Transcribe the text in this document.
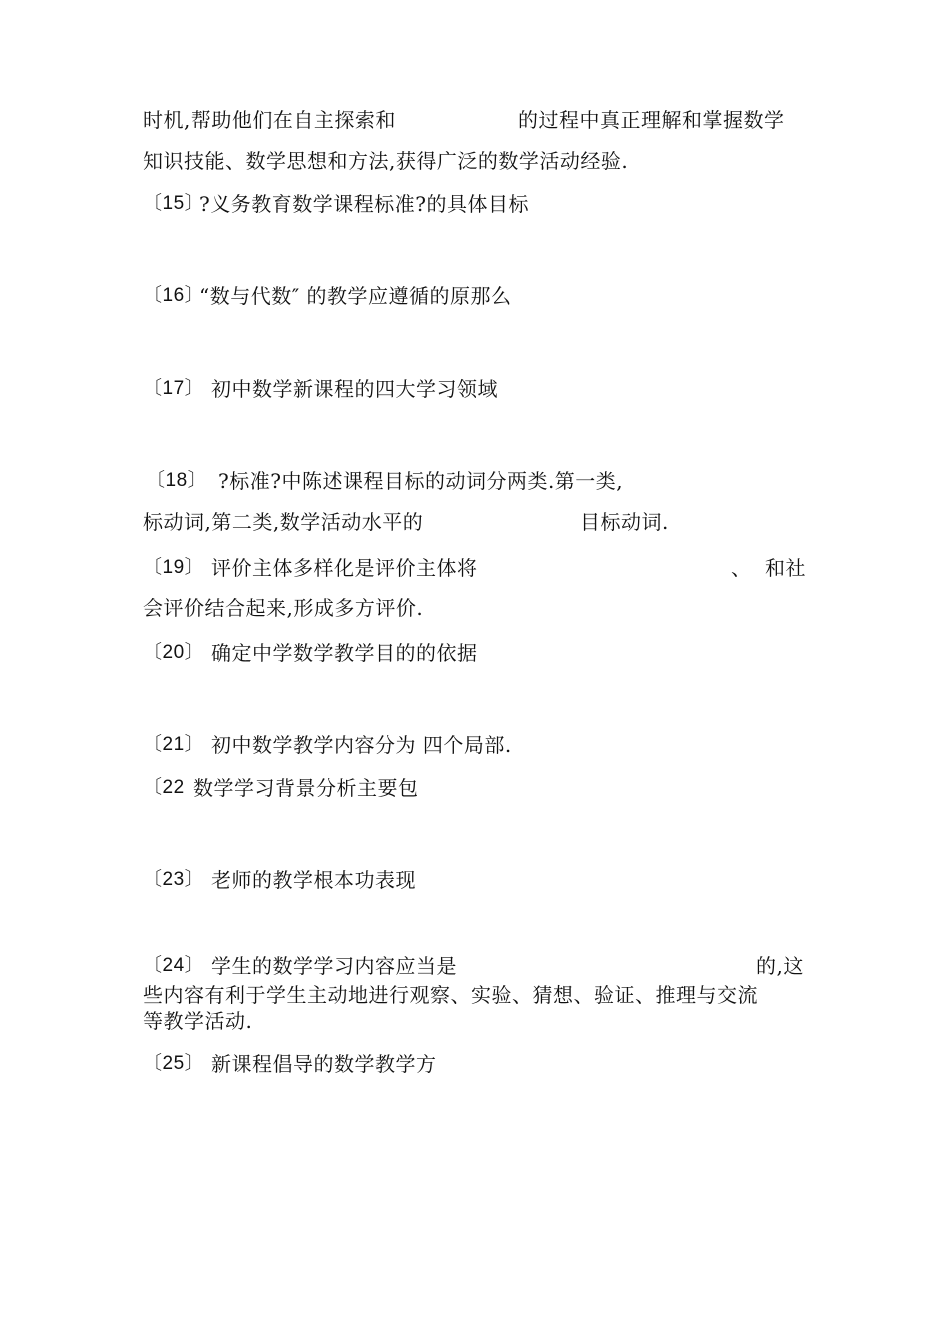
时机,帮助他们在自主探索和	的过程中真正理解和掌握数学
知识技能、数学思想和方法,获得广泛的数学活动经验.
〔15〕
?义务教育数学课程标准?的具体目标
〔16〕
“数与代数″ 的教学应遵循的原那么
〔17〕 初中数学新课程的四大学习领域
〔18〕 ?标准?中陈述课程目标的动词分两类.第一类,
标动词,第二类,数学活动水平的	目标动词.
〔19〕 评价主体多样化是评价主体将	、 和社
会评价结合起来,形成多方评价.
〔20〕 确定中学数学教学目的的依据
〔21〕 初中数学教学内容分为 四个局部.
〔22 数学学习背景分析主要包
〔23〕 老师的教学根本功表现
〔24〕 学生的数学学习内容应当是	的,这
些内容有利于学生主动地进行观察、实验、猜想、验证、推理与交流
等教学活动.
〔25〕 新课程倡导的数学教学方
